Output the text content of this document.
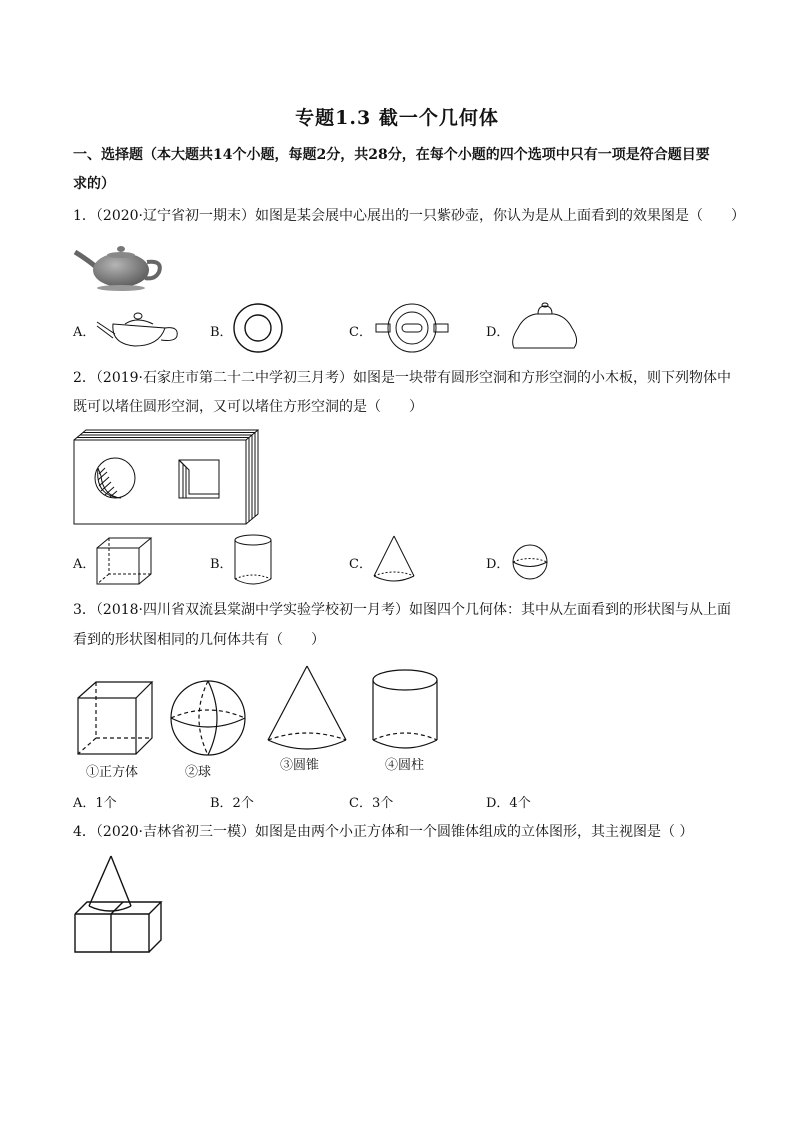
专题1.3 截一个几何体
一、选择题（本大题共14个小题，每题2分，共28分，在每个小题的四个选项中只有一项是符合题目要
求的）
1．（2020·辽宁省初一期末）如图是某会展中心展出的一只紫砂壶，你认为是从上面看到的效果图是（　　）
A．	B．	C．	D．
2．（2019·石家庄市第二十二中学初三月考）如图是一块带有圆形空洞和方形空洞的小木板，则下列物体中
既可以堵住圆形空洞，又可以堵住方形空洞的是（　　）
A．	B．	C．	D．
3．（2018·四川省双流县棠湖中学实验学校初一月考）如图四个几何体：其中从左面看到的形状图与从上面
看到的形状图相同的几何体共有（　　）
①正方体	②球	③圆锥	④圆柱
A．1个	B．2个	C．3个	D．4个
4．（2020·吉林省初三一模）如图是由两个小正方体和一个圆锥体组成的立体图形，其主视图是（ ）
